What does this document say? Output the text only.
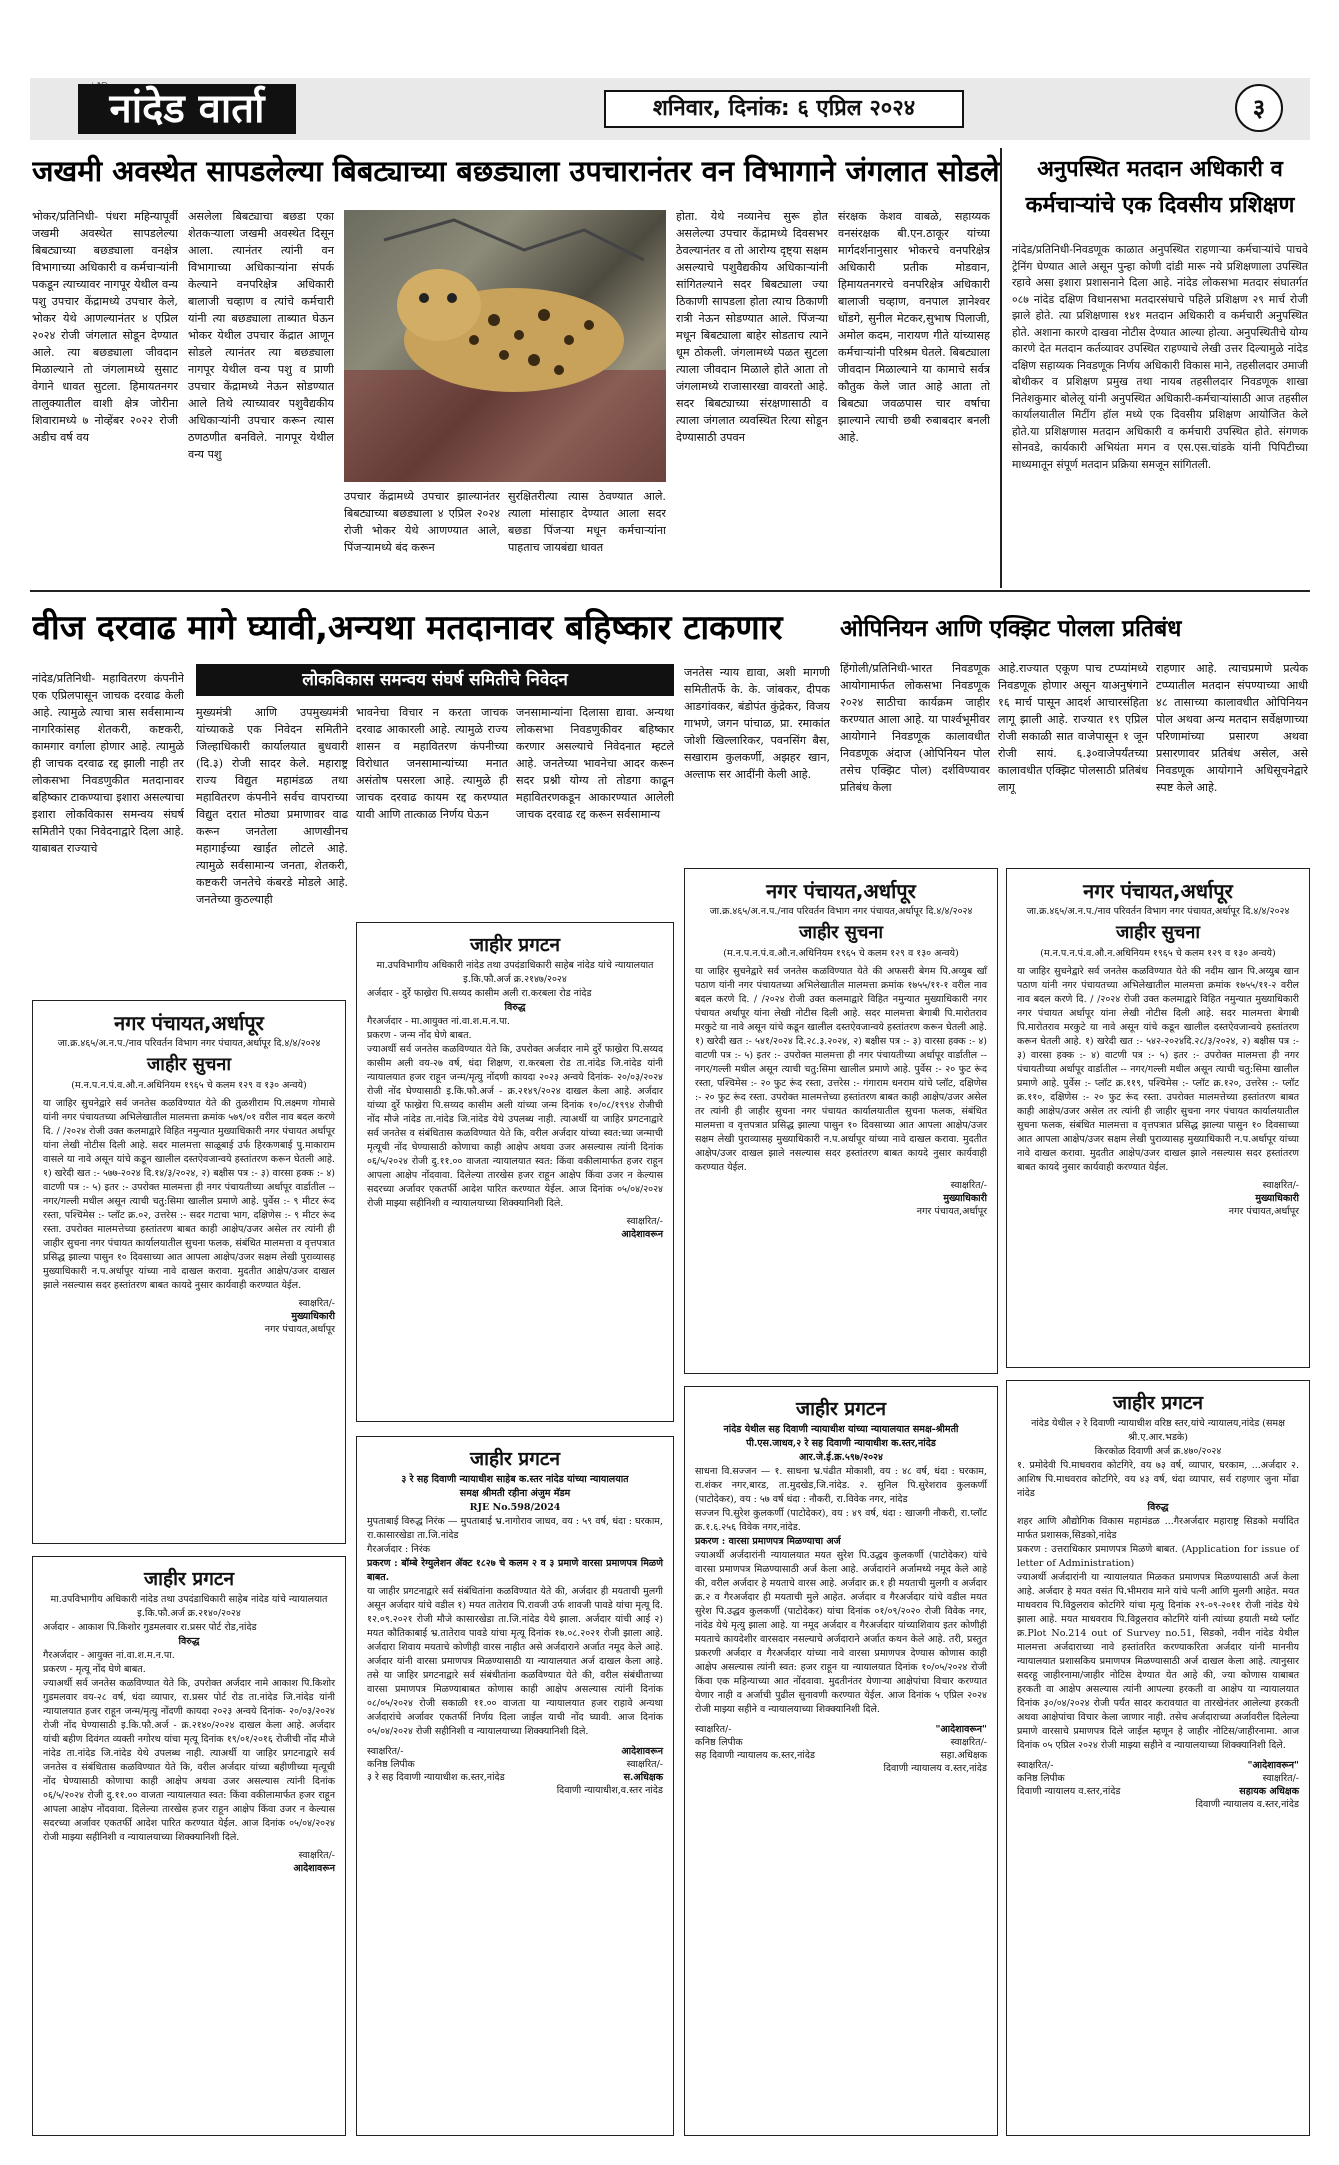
नांदेड वार्ता	शनिवार, दिनांक: ६ एप्रिल २०२४	३
जखमी अवस्थेत सापडलेल्या बिबट्याच्या बछड्याला उपचारानंतर वन विभागाने जंगलात सोडले
भोकर/प्रतिनिधी- पंधरा महिन्यापूर्वी जखमी अवस्थेत सापडलेल्या बिबट्याच्या बछड्याला वनक्षेत्र विभागाच्या अधिकारी व कर्मचाऱ्यांनी पकडून त्याच्यावर नागपूर येथील वन्य पशु उपचार केंद्रामध्ये उपचार केले, भोकर येथे आणल्यानंतर ४ एप्रिल २०२४ रोजी जंगलात सोडून देण्यात आले. त्या बछड्याला जीवदान मिळाल्याने तो जंगलामध्ये सुसाट वेगाने धावत सुटला. हिमायतनगर तालुक्यातील वाशी क्षेत्र जोरीना शिवारामध्ये ७ नोव्हेंबर २०२२ रोजी अडीच वर्ष वय
असलेला बिबट्याचा बछडा एका शेतकऱ्याला जखमी अवस्थेत दिसून आला. त्यानंतर त्यांनी वन विभागाच्या अधिकाऱ्यांना संपर्क केल्याने वनपरिक्षेत्र अधिकारी बालाजी चव्हाण व त्यांचे कर्मचारी यांनी त्या बछड्याला ताब्यात घेऊन भोकर येथील उपचार केंद्रात आणून सोडले त्यानंतर त्या बछड्याला नागपूर येथील वन्य पशु व प्राणी उपचार केंद्रामध्ये नेऊन सोडण्यात आले तिथे त्याच्यावर पशुवैद्यकीय अधिकाऱ्यांनी उपचार करून त्यास ठणठणीत बनविले. नागपूर येथील वन्य पशु
उपचार केंद्रामध्ये उपचार झाल्यानंतर बिबट्याच्या बछड्याला ४ एप्रिल २०२४ रोजी भोकर येथे आणण्यात आले, पिंजऱ्यामध्ये बंद करून
सुरक्षितरीत्या त्यास ठेवण्यात आले. त्याला मांसाहार देण्यात आला सदर बछडा पिंजऱ्या मधून कर्मचाऱ्यांना पाहताच जायबंद्या धावत
होता. येथे नव्यानेच सुरू होत असलेल्या उपचार केंद्रामध्ये दिवसभर ठेवल्यानंतर व तो आरोग्य दृष्ट्या सक्षम असल्याचे पशुवैद्यकीय अधिकाऱ्यांनी सांगितल्याने सदर बिबट्याला ज्या ठिकाणी सापडला होता त्याच ठिकाणी रात्री नेऊन सोडण्यात आले. पिंजऱ्या मधून बिबट्याला बाहेर सोडताच त्याने धूम ठोकली. जंगलामध्ये पळत सुटला त्याला जीवदान मिळाले होते आता तो जंगलामध्ये राजासारखा वावरतो आहे. सदर बिबट्याच्या संरक्षणासाठी व त्याला जंगलात व्यवस्थित रित्या सोडून देण्यासाठी उपवन
संरक्षक केशव वाबळे, सहाय्यक वनसंरक्षक बी.एन.ठाकूर यांच्या मार्गदर्शनानुसार भोकरचे वनपरिक्षेत्र अधिकारी प्रतीक मोडवान, हिमायतनगरचे वनपरिक्षेत्र अधिकारी बालाजी चव्हाण, वनपाल ज्ञानेश्वर धोंडगे, सुनील मेटकर,सुभाष पिलाजी, अमोल कदम, नारायण गीते यांच्यासह कर्मचाऱ्यांनी परिश्रम घेतले. बिबट्याला जीवदान मिळाल्याने या कामाचे सर्वत्र कौतुक केले जात आहे आता तो बिबट्या जवळपास चार वर्षाचा झाल्याने त्याची छबी रुबाबदार बनली आहे.
अनुपस्थित मतदान अधिकारी व कर्मचाऱ्यांचे एक दिवसीय प्रशिक्षण
नांदेड/प्रतिनिधी-निवडणूक काळात अनुपस्थित राहणाऱ्या कर्मचाऱ्यांचे पाचवे ट्रेनिंग घेण्यात आले असून पुन्हा कोणी दांडी मारू नये प्रशिक्षणाला उपस्थित रहावे असा इशारा प्रशासनाने दिला आहे. नांदेड लोकसभा मतदार संघातर्गत ०८७ नांदेड दक्षिण विधानसभा मतदारसंघाचे पहिले प्रशिक्षण २९ मार्च रोजी झाले होते. त्या प्रशिक्षणास १४१ मतदान अधिकारी व कर्मचारी अनुपस्थित होते. अशाना कारणे दाखवा नोटीस देण्यात आल्या होत्या. अनुपस्थितीचे योग्य कारणे देत मतदान कर्तव्यावर उपस्थित राहण्याचे लेखी उत्तर दिल्यामुळे नांदेड दक्षिण सहाय्यक निवडणूक निर्णय अधिकारी विकास माने, तहसीलदार उमाजी बोथीकर व प्रशिक्षण प्रमुख तथा नायब तहसीलदार निवडणूक शाखा नितेशकुमार बोलेलू यांनी अनुपस्थित अधिकारी-कर्मचाऱ्यांसाठी आज तहसील कार्यालयातील मिटींग हॉल मध्ये एक दिवसीय प्रशिक्षण आयोजित केले होते.या प्रशिक्षणास मतदान अधिकारी व कर्मचारी उपस्थित होते. संगणक सोनवडे, कार्यकारी अभियंता मगन व एस.एस.चांडके यांनी पिपिटीच्या माध्यमातून संपूर्ण मतदान प्रक्रिया समजून सांगितली.
वीज दरवाढ मागे घ्यावी,अन्यथा मतदानावर बहिष्कार टाकणार
नांदेड/प्रतिनिधी- महावितरण कंपनीने एक एप्रिलपासून जाचक दरवाढ केली आहे. त्यामुळे त्याचा त्रास सर्वसामान्य नागरिकांसह शेतकरी, कष्टकरी, कामगार वर्गाला होणार आहे. त्यामुळे ही जाचक दरवाढ रद्द झाली नाही तर लोकसभा निवडणुकीत मतदानावर बहिष्कार टाकण्याचा इशारा असल्याचा इशारा लोकविकास समन्वय संघर्ष समितीने एका निवेदनाद्वारे दिला आहे. याबाबत राज्याचे
लोकविकास समन्वय संघर्ष समितीचे निवेदन
मुख्यमंत्री आणि उपमुख्यमंत्री यांच्याकडे एक निवेदन समितीने जिल्हाधिकारी कार्यालयात बुधवारी (दि.३) रोजी सादर केले. महाराष्ट्र राज्य विद्युत महामंडळ तथा महावितरण कंपनीने सर्वच वापराच्या विद्युत दरात मोठ्या प्रमाणावर वाढ करून जनतेला आणखीनच महागाईच्या खाईत लोटले आहे. त्यामुळे सर्वसामान्य जनता, शेतकरी, कष्टकरी जनतेचे कंबरडे मोडले आहे. जनतेच्या कुठल्याही
भावनेचा विचार न करता जाचक दरवाढ आकारली आहे. त्यामुळे राज्य शासन व महावितरण कंपनीच्या विरोधात जनसामान्यांच्या मनात असंतोष पसरला आहे. त्यामुळे ही जाचक दरवाढ कायम रद्द करण्यात यावी आणि तात्काळ निर्णय घेऊन
जनसामान्यांना दिलासा द्यावा. अन्यथा लोकसभा निवडणुकीवर बहिष्कार करणार असल्याचे निवेदनात म्हटले आहे. जनतेच्या भावनेचा आदर करून सदर प्रश्नी योग्य तो तोडगा काढून महावितरणकडून आकारण्यात आलेली जाचक दरवाढ रद्द करून सर्वसामान्य
जनतेस न्याय द्यावा, अशी मागणी समितीतर्फे के. के. जांबकर, दीपक आडगांवकर, बंडोपंत कुंद्रेकर, विजय गाभणे, जगन पांचाळ, प्रा. रमाकांत जोशी खिल्लारिकर, पवनसिंग बैस, सखाराम कुलकर्णी, अझहर खान, अल्ताफ सर आदींनी केली आहे.
ओपिनियन आणि एक्झिट पोलला प्रतिबंध
हिंगोली/प्रतिनिधी-भारत निवडणूक आयोगामार्फत लोकसभा निवडणूक २०२४ साठीचा कार्यक्रम जाहीर करण्यात आला आहे. या पार्श्वभूमीवर आयोगाने निवडणूक कालावधीत निवडणूक अंदाज (ओपिनियन पोल तसेच एक्झिट पोल) दर्शविण्यावर प्रतिबंध केला
आहे.राज्यात एकूण पाच टप्प्यांमध्ये निवडणूक होणार असून याअनुषंगाने १६ मार्च पासून आदर्श आचारसंहिता लागू झाली आहे. राज्यात १९ एप्रिल रोजी सकाळी सात वाजेपासून १ जून रोजी सायं. ६.३०वाजेपर्यंतच्या कालावधीत एक्झिट पोलसाठी प्रतिबंध लागू
राहणार आहे. त्याचप्रमाणे प्रत्येक टप्प्यातील मतदान संपण्याच्या आधी ४८ तासाच्या कालावधीत ओपिनियन पोल अथवा अन्य मतदान सर्वेक्षणाच्या परिणामांच्या प्रसारण अथवा प्रसारणावर प्रतिबंध असेल, असे निवडणूक आयोगाने अधिसूचनेद्वारे स्पष्ट केले आहे.
नगर पंचायत,अर्धापूर
जा.क्र.४६५/अ.न.प./नाव परिवर्तन विभाग नगर पंचायत,अर्धापूर दि.४/४/२०२४
जाहीर सुचना
(म.न.प.न.पं.व.औ.न.अधिनियम १९६५ चे कलम १२९ व १३० अन्वये)
या जाहिर सुचनेद्वारे सर्व जनतेस कळविण्यात येते की तुळशीराम पि.लक्ष्मण गोमासे यांनी नगर पंचायतच्या अभिलेखातील मालमत्ता क्रमांक ५७९/०१ वरील नाव बदल करणे दि. / /२०२४ रोजी उक्त कलमाद्वारे विहित नमुन्यात मुख्याधिकारी नगर पंचायत अर्धापूर यांना लेखी नोटीस दिली आहे. सदर मालमत्ता साळूबाई उर्फ हिरकणबाई पु.माकाराम वासले या नावे असून यांचे कडून खालील दस्तऐवजान्वये हस्तांतरण करून घेतली आहे. १) खरेदी खत :- ५७७-२०२४ दि.१४/३/२०२४, २) बक्षीस पत्र :- ३) वारसा हक्क :- ४) वाटणी पत्र :- ५) इतर :- उपरोक्त मालमत्ता ही नगर पंचायतीच्या अर्धापूर वार्डातील -- नगर/गल्ली मधील असून त्याची चतु:सिमा खालील प्रमाणे आहे. पुर्वेस :- ९ मीटर रूंद रस्ता, पश्चिमेस :- प्लॉट क्र.०२, उत्तरेस :- सदर गटाचा भाग, दक्षिणेस :- ९ मीटर रूंद रस्ता. उपरोक्त मालमत्तेच्या हस्तांतरण बाबत काही आक्षेप/उजर असेल तर त्यांनी ही जाहीर सुचना नगर पंचायत कार्यालयातील सुचना फलक, संबंधित मालमत्ता व वृत्तपत्रात प्रसिद्ध झाल्या पासुन १० दिवसाच्या आत आपला आक्षेप/उजर सक्षम लेखी पुराव्यासह मुख्याधिकारी न.प.अर्धापूर यांच्या नावे दाखल करावा. मुदतीत आक्षेप/उजर दाखल झाले नसल्यास सदर हस्तांतरण बाबत कायदे नुसार कार्यवाही करण्यात येईल.
स्वाक्षरित/-
मुख्याधिकारी
नगर पंचायत,अर्धापूर
जाहीर प्रगटन
मा.उपविभागीय अधिकारी नांदेड तथा उपदंडाधिकारी साहेब नांदेड यांचे न्यायालयात
इ.कि.फौ.अर्ज क्र.२१४७/२०२४
अर्जदार - दुर्रे फाख्रेरा पि.सय्यद कासीम अली रा.करबला रोड नांदेड
विरुद्ध
गैरअर्जदार - मा.आयुक्त नां.वा.श.म.न.पा.
प्रकरण - जन्म नोंद घेणे बाबत.
ज्याअर्थी सर्व जनतेस कळविण्यात येते कि, उपरोक्त अर्जदार नामे दुर्रे फाख्रेरा पि.सय्यद कासीम अली वय-२७ वर्ष, धंदा शिक्षण, रा.करबला रोड ता.नांदेड जि.नांदेड यांनी न्यायालयात हजर राहून जन्म/मृत्यु नोंदणी कायदा २०२३ अन्वये दिनांक- २०/०३/२०२४ रोजी नोंद घेण्यासाठी इ.कि.फौ.अर्ज - क्र.२१४९/२०२४ दाखल केला आहे. अर्जदार यांच्या दुर्रे फाख्रेरा पि.सय्यद कासीम अली यांच्या जन्म दिनांक १०/०८/१९९४ रोजीची नोंद मौजे नांदेड ता.नांदेड जि.नांदेड येथे उपलब्ध नाही. त्याअर्थी या जाहिर प्रगटनाद्वारे सर्व जनतेस व संबंधितास कळविण्यात येते कि, वरील अर्जदार यांच्या स्वत:च्या जन्माची मृत्यूची नोंद घेण्यासाठी कोणाचा काही आक्षेप अथवा उजर असल्यास त्यांनी दिनांक ०६/५/२०२४ रोजी दु.११.०० वाजता न्यायालयात स्वत: किंवा वकीलामार्फत हजर राहून आपला आक्षेप नोंदवावा. दिलेल्या तारखेस हजर राहून आक्षेप किंवा उजर न केल्यास सदरच्या अर्जावर एकतर्फी आदेश पारित करण्यात येईल. आज दिनांक ०५/०४/२०२४ रोजी माझ्या सहीनिशी व न्यायालयाच्या शिक्क्यानिशी दिले.
स्वाक्षरित/-
आदेशावरून
नगर पंचायत,अर्धापूर
जा.क्र.४६५/अ.न.प./नाव परिवर्तन विभाग नगर पंचायत,अर्धापूर दि.४/४/२०२४
जाहीर सुचना
(म.न.प.न.पं.व.औ.न.अधिनियम १९६५ चे कलम १२९ व १३० अन्वये)
या जाहिर सुचनेद्वारे सर्व जनतेस कळविण्यात येते की अफसरी बेगम पि.अय्युब खाँ पठाण यांनी नगर पंचायतच्या अभिलेखातील मालमत्ता क्रमांक १७५५/११-१ वरील नाव बदल करणे दि. / /२०२४ रोजी उक्त कलमाद्वारे विहित नमुन्यात मुख्याधिकारी नगर पंचायत अर्धापूर यांना लेखी नोटीस दिली आहे. सदर मालमत्ता बेगाबी पि.मारोतराव मरकुटे या नावे असून यांचे कडून खालील दस्तऐवजान्वये हस्तांतरण करून घेतली आहे. १) खरेदी खत :- ५४१/२०२४ दि.२८.३.२०२४, २) बक्षीस पत्र :- ३) वारसा हक्क :- ४) वाटणी पत्र :- ५) इतर :- उपरोक्त मालमत्ता ही नगर पंचायतीच्या अर्धापूर वार्डातील -- नगर/गल्ली मधील असून त्याची चतु:सिमा खालील प्रमाणे आहे. पुर्वेस :- २० फुट रूंद रस्ता, पश्चिमेस :- २० फुट रूंद रस्ता, उत्तरेस :- गंगाराम धनराम यांचे प्लॉट, दक्षिणेस :- २० फुट रूंद रस्ता. उपरोक्त मालमत्तेच्या हस्तांतरण बाबत काही आक्षेप/उजर असेल तर त्यांनी ही जाहीर सुचना नगर पंचायत कार्यालयातील सुचना फलक, संबंधित मालमत्ता व वृत्तपत्रात प्रसिद्ध झाल्या पासुन १० दिवसाच्या आत आपला आक्षेप/उजर सक्षम लेखी पुराव्यासह मुख्याधिकारी न.प.अर्धापूर यांच्या नावे दाखल करावा. मुदतीत आक्षेप/उजर दाखल झाले नसल्यास सदर हस्तांतरण बाबत कायदे नुसार कार्यवाही करण्यात येईल.
स्वाक्षरित/-
मुख्याधिकारी
नगर पंचायत,अर्धापूर
नगर पंचायत,अर्धापूर
जा.क्र.४६५/अ.न.प./नाव परिवर्तन विभाग नगर पंचायत,अर्धापूर दि.४/४/२०२४
जाहीर सुचना
(म.न.प.न.पं.व.औ.न.अधिनियम १९६५ चे कलम १२९ व १३० अन्वये)
या जाहिर सुचनेद्वारे सर्व जनतेस कळविण्यात येते की नदीम खान पि.अय्युब खान पठाण यांनी नगर पंचायतच्या अभिलेखातील मालमत्ता क्रमांक १७५५/११-२ वरील नाव बदल करणे दि. / /२०२४ रोजी उक्त कलमाद्वारे विहित नमुन्यात मुख्याधिकारी नगर पंचायत अर्धापूर यांना लेखी नोटीस दिली आहे. सदर मालमत्ता बेगाबी पि.मारोतराव मरकुटे या नावे असून यांचे कडून खालील दस्तऐवजान्वये हस्तांतरण करून घेतली आहे. १) खरेदी खत :- ५४२-२०२४दि.२८/३/२०२४, २) बक्षीस पत्र :- ३) वारसा हक्क :- ४) वाटणी पत्र :- ५) इतर :- उपरोक्त मालमत्ता ही नगर पंचायतीच्या अर्धापूर वार्डातील -- नगर/गल्ली मधील असून त्याची चतु:सिमा खालील प्रमाणे आहे. पुर्वेस :- प्लॉट क्र.११९, पश्चिमेस :- प्लॉट क्र.१२०, उत्तरेस :- प्लॉट क्र.११०, दक्षिणेस :- २० फुट रूंद रस्ता. उपरोक्त मालमत्तेच्या हस्तांतरण बाबत काही आक्षेप/उजर असेल तर त्यांनी ही जाहीर सुचना नगर पंचायत कार्यालयातील सुचना फलक, संबंधित मालमत्ता व वृत्तपत्रात प्रसिद्ध झाल्या पासुन १० दिवसाच्या आत आपला आक्षेप/उजर सक्षम लेखी पुराव्यासह मुख्याधिकारी न.प.अर्धापूर यांच्या नावे दाखल करावा. मुदतीत आक्षेप/उजर दाखल झाले नसल्यास सदर हस्तांतरण बाबत कायदे नुसार कार्यवाही करण्यात येईल.
स्वाक्षरित/-
मुख्याधिकारी
नगर पंचायत,अर्धापूर
जाहीर प्रगटन
मा.उपविभागीय अधिकारी नांदेड तथा उपदंडाधिकारी साहेब नांदेड यांचे न्यायालयात
इ.कि.फौ.अर्ज क्र.२१४०/२०२४
अर्जदार - आकाश पि.किशोर गुडमलवार रा.प्रसर पोर्ट रोड,नांदेड
विरुद्ध
गैरअर्जदार - आयुक्त नां.वा.श.म.न.पा.
प्रकरण - मृत्यू नोंद घेणे बाबत.
ज्याअर्थी सर्व जनतेस कळविण्यात येते कि, उपरोक्त अर्जदार नामे आकाश पि.किशोर गुडमलवार वय-२८ वर्ष, धंदा व्यापार, रा.प्रसर पोर्ट रोड ता.नांदेड जि.नांदेड यांनी न्यायालयात हजर राहून जन्म/मृत्यु नोंदणी कायदा २०२३ अन्वये दिनांक- २०/०३/२०२४ रोजी नोंद घेण्यासाठी इ.कि.फौ.अर्ज - क्र.२१४०/२०२४ दाखल केला आहे. अर्जदार यांची बहीण दिवंगत व्यक्ती नगोरथ यांचा मृत्यू दिनांक १९/०१/२०१६ रोजीची नोंद मौजे नांदेड ता.नांदेड जि.नांदेड येथे उपलब्ध नाही. त्याअर्थी या जाहिर प्रगटनाद्वारे सर्व जनतेस व संबंधितास कळविण्यात येते कि, वरील अर्जदार यांच्या बहीणीच्या मृत्यूची नोंद घेण्यासाठी कोणाचा काही आक्षेप अथवा उजर असल्यास त्यांनी दिनांक ०६/५/२०२४ रोजी दु.११.०० वाजता न्यायालयात स्वत: किंवा वकीलामार्फत हजर राहून आपला आक्षेप नोंदवावा. दिलेल्या तारखेस हजर राहून आक्षेप किंवा उजर न केल्यास सदरच्या अर्जावर एकतर्फी आदेश पारित करण्यात येईल. आज दिनांक ०५/०४/२०२४ रोजी माझ्या सहीनिशी व न्यायालयाच्या शिक्क्यानिशी दिले.
स्वाक्षरित/-
आदेशावरून
जाहीर प्रगटन
३ रे सह दिवाणी न्यायाधीश साहेब क.स्तर नांदेड यांच्या न्यायालयात
समक्ष श्रीमती रहीना अंजुम मॅडम
RJE No.598/2024
मुपताबाई विरुद्ध निरंक — मुपताबाई भ्र.नागोराव जाधव, वय : ५९ वर्ष, धंदा : घरकाम, रा.कासारखेडा ता.जि.नांदेड
गैरअर्जदार : निरंक
प्रकरण : बॉम्बे रेग्युलेशन ॲक्ट १८२७ चे कलम २ व ३ प्रमाणे वारसा प्रमाणपत्र मिळणे बाबत.
या जाहीर प्रगटनाद्वारे सर्व संबंधितांना कळविण्यात येते की, अर्जदार ही मयताची मुलगी असून अर्जदार यांचे वडील १) मयत तातेराव पि.रावजी उर्फ शावजी पावडे यांचा मृत्यू दि. १२.०९.२०२१ रोजी मौजे कासारखेडा ता.जि.नांदेड येथे झाला. अर्जदार यांची आई २) मयत कौतिकाबाई भ्र.तातेराव पावडे यांचा मृत्यू दिनांक १७.०८.२०२१ रोजी झाला आहे. अर्जदारा शिवाय मयताचे कोणीही वारस नाहीत असे अर्जदाराने अर्जात नमूद केले आहे. अर्जदार यांनी वारसा प्रमाणपत्र मिळण्यासाठी या न्यायालयात अर्ज दाखल केला आहे. तसे या जाहिर प्रगटनाद्वारे सर्व संबंधीतांना कळविण्यात येते की, वरील संबंधीताच्या वारसा प्रमाणपत्र मिळण्याबाबत कोणास काही आक्षेप असल्यास त्यांनी दिनांक ०८/०५/२०२४ रोजी सकाळी ११.०० वाजता या न्यायालयात हजर राहावे अन्यथा अर्जदारांचे अर्जावर एकतर्फी निर्णय दिला जाईल याची नोंद घ्यावी. आज दिनांक ०५/०४/२०२४ रोजी सहीनिशी व न्यायालयाच्या शिक्क्यानिशी दिले.
स्वाक्षरित/-
कनिष्ठ लिपीक
३ रे सह दिवाणी न्यायाधीश क.स्तर,नांदेड
आदेशावरून
स्वाक्षरित/-
स.अधिक्षक
दिवाणी न्यायाधीश,व.स्तर नांदेड
जाहीर प्रगटन
नांदेड येथील सह दिवाणी न्यायाधीश यांच्या न्यायालयात समक्ष-श्रीमती पी.एस.जाधव,२ रे सह दिवाणी न्यायाधीश क.स्तर,नांदेड
आर.जे.ई.क्र.५९७/२०२४
साधना वि.सज्जन — १. साधना भ्र.पंढीत मोकाशी, वय : ४८ वर्ष, धंदा : घरकाम, रा.शंकर नगर,बारड, ता.मुदखेड,जि.नांदेड. २. सुनिल पि.सुरेशराव कुलकर्णी (पाटोदेकर), वय : ५७ वर्ष धंदा : नौकरी, रा.विवेक नगर, नांदेड
सज्जन पि.सुरेश कुलकर्णी (पाटोदेकर), वय : ४९ वर्ष, धंदा : खाजगी नौकरी, रा.प्लॉट क्र.१.६.२५६ विवेक नगर,नांदेड.
प्रकरण : वारसा प्रमाणपत्र मिळण्याचा अर्ज
ज्याअर्थी अर्जदारांनी न्यायालयात मयत सुरेश पि.उद्धव कुलकर्णी (पाटोदेकर) यांचे वारसा प्रमाणपत्र मिळण्यासाठी अर्ज केला आहे. अर्जदारांने अर्जामध्ये नमूद केले आहे की, वरील अर्जदार हे मयताचे वारस आहे. अर्जदार क्र.१ ही मयताची मुलगी व अर्जदार क्र.२ व गैरअर्जदार ही मयताची मुले आहेत. अर्जदार व गैरअर्जदार यांचे वडील मयत सुरेश पि.उद्धव कुलकर्णी (पाटोदेकर) यांचा दिनांक ०१/०९/२०२० रोजी विवेक नगर, नांदेड येथे मृत्यु झाला आहे. या नमूद अर्जदार व गैरअर्जदार यांच्याशिवाय इतर कोणीही मयताचे कायदेशीर वारसदार नसल्याचे अर्जदाराने अर्जात कथन केले आहे. तरी, प्रस्तुत प्रकरणी अर्जदार व गैरअर्जदार यांच्या नावे वारसा प्रमाणपत्र देण्यास कोणास काही आक्षेप असल्यास त्यांनी स्वत: हजर राहून या न्यायालयात दिनांक १०/०५/२०२४ रोजी किंवा एक महिन्याच्या आत नोंदवावा. मुदतीनंतर येणाऱ्या आक्षेपांचा विचार करण्यात येणार नाही व अर्जाची पुढील सुनावणी करण्यात येईल. आज दिनांक ५ एप्रिल २०२४ रोजी माझ्या सहीने व न्यायालयाच्या शिक्क्यानिशी दिले.
स्वाक्षरित/-
कनिष्ठ लिपीक
सह दिवाणी न्यायालय क.स्तर,नांदेड
"आदेशावरून"
स्वाक्षरित/-
सहा.अधिक्षक
दिवाणी न्यायालय व.स्तर,नांदेड
जाहीर प्रगटन
नांदेड येथील २ रे दिवाणी न्यायाधीश वरिष्ठ स्तर,यांचे न्यायालय,नांदेड (समक्ष श्री.ए.आर.भडके)
किरकोळ दिवाणी अर्ज क्र.४७०/२०२४
१. प्रमोदेवी पि.माधवराव कोटगिरे, वय ७३ वर्ष, व्यापार, घरकाम, ...अर्जदार २. आशिष पि.माधवराव कोटगिरे, वय ४३ वर्ष, धंदा व्यापार, सर्व राहणार जुना मोंढा नांदेड
विरुद्ध
शहर आणि औद्योगिक विकास महामंडळ ...गैरअर्जदार महाराष्ट्र सिडको मर्यादित मार्फत प्रशासक,सिडको,नांदेड
प्रकरण : उत्तराधिकार प्रमाणपत्र मिळणे बाबत. (Application for issue of letter of Administration)
ज्याअर्थी अर्जदारांनी या न्यायालयात मिळकत प्रमाणपत्र मिळण्यासाठी अर्ज केला आहे. अर्जदार हे मयत वसंत पि.भीमराव माने यांचे पत्नी आणि मुलगी आहेत. मयत माधवराव पि.विठ्ठलराव कोटगिरे यांचा मृत्यु दिनांक २९-०९-२०११ रोजी नांदेड येथे झाला आहे. मयत माधवराव पि.विठ्ठलराव कोटगिरे यांनी त्यांच्या हयाती मध्ये प्लॉट क्र.Plot No.214 out of Survey no.51, सिडको, नवीन नांदेड येथील मालमत्ता अर्जदाराच्या नावे हस्तांतरित करण्याकरिता अर्जदार यांनी माननीय न्यायालयात प्रशासकिय प्रमाणपत्र मिळण्यासाठी अर्ज दाखल केला आहे. त्यानुसार सदरहू जाहीरनामा/जाहीर नोटिस देण्यात येत आहे की, ज्या कोणास याबाबत हरकती वा आक्षेप असल्यास त्यांनी आपल्या हरकती वा आक्षेप या न्यायालयात दिनांक ३०/०४/२०२४ रोजी पर्यंत सादर करावयात वा तारखेनंतर आलेल्या हरकती अथवा आक्षेपांचा विचार केला जाणार नाही. तसेच अर्जदाराच्या अर्जावरील दिलेल्या प्रमाणे वारसाचे प्रमाणपत्र दिले जाईल म्हणून हे जाहीर नोटिस/जाहीरनामा. आज दिनांक ०५ एप्रिल २०२४ रोजी माझ्या सहीने व न्यायालयाच्या शिक्क्यानिशी दिले.
स्वाक्षरित/-
कनिष्ठ लिपीक
दिवाणी न्यायालय व.स्तर,नांदेड
"आदेशावरून"
स्वाक्षरित/-
सहायक अधिक्षक
दिवाणी न्यायालय व.स्तर,नांदेड
